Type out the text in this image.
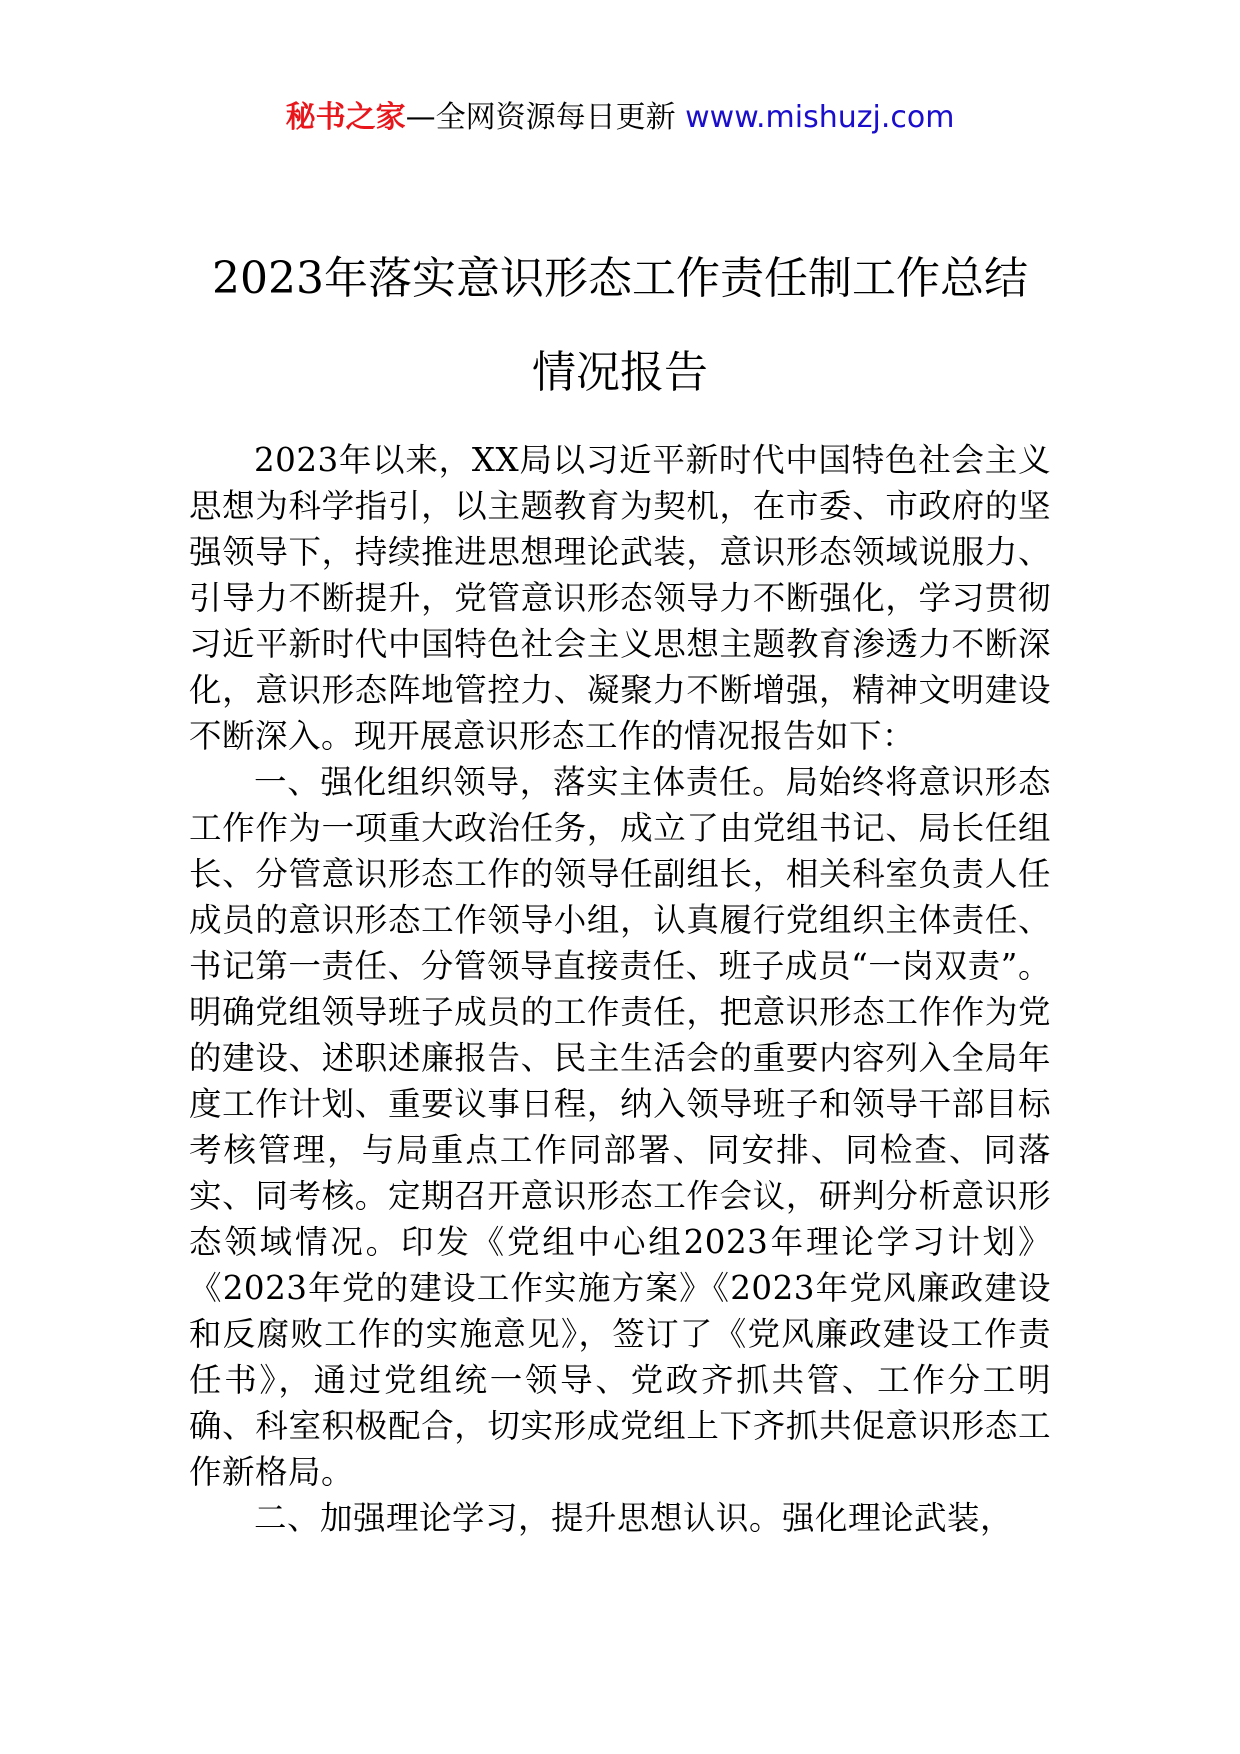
秘书之家—全网资源每日更新 www.mishuzj.com
2023年落实意识形态工作责任制工作总结
情况报告

2023年以来，XX局以习近平新时代中国特色社会主义思想为科学指引，以主题教育为契机，在市委、市政府的坚强领导下，持续推进思想理论武装，意识形态领域说服力、引导力不断提升，党管意识形态领导力不断强化，学习贯彻习近平新时代中国特色社会主义思想主题教育渗透力不断深化，意识形态阵地管控力、凝聚力不断增强，精神文明建设不断深入。现开展意识形态工作的情况报告如下：

一、强化组织领导，落实主体责任。局始终将意识形态工作作为一项重大政治任务，成立了由党组书记、局长任组长、分管意识形态工作的领导任副组长，相关科室负责人任成员的意识形态工作领导小组，认真履行党组织主体责任、书记第一责任、分管领导直接责任、班子成员“一岗双责”。明确党组领导班子成员的工作责任，把意识形态工作作为党的建设、述职述廉报告、民主生活会的重要内容列入全局年度工作计划、重要议事日程，纳入领导班子和领导干部目标考核管理，与局重点工作同部署、同安排、同检查、同落实、同考核。定期召开意识形态工作会议，研判分析意识形态领域情况。印发《党组中心组2023年理论学习计划》《2023年党的建设工作实施方案》《2023年党风廉政建设和反腐败工作的实施意见》，签订了《党风廉政建设工作责任书》，通过党组统一领导、党政齐抓共管、工作分工明确、科室积极配合，切实形成党组上下齐抓共促意识形态工作新格局。

二、加强理论学习，提升思想认识。强化理论武装，
